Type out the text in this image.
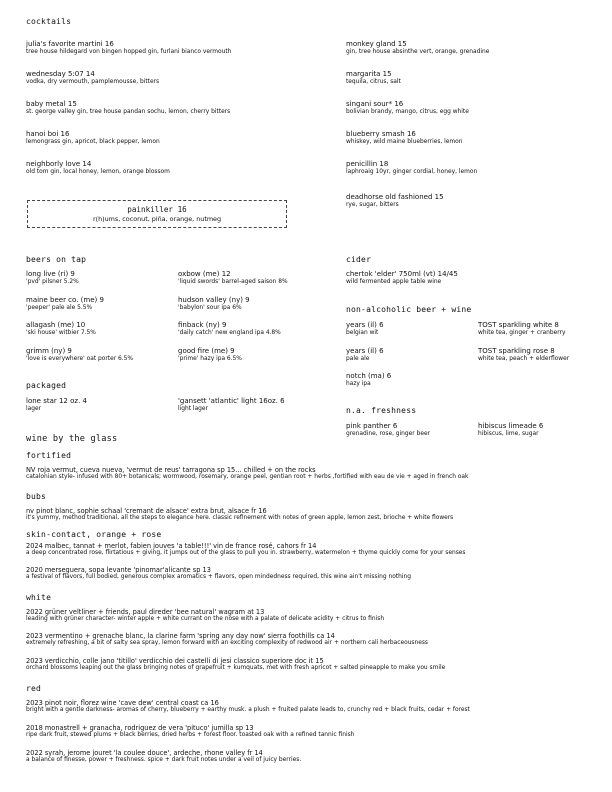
cocktails
julia's favorite martini 16
tree house hildegard von bingen hopped gin, furlani bianco vermouth
wednesday 5:07 14
vodka, dry vermouth, pamplemousse, bitters
baby metal 15
st. george valley gin, tree house pandan sochu, lemon, cherry bitters
hanoi boi 16
lemongrass gin, apricot, black pepper, lemon
neighborly love 14
old tom gin, local honey, lemon, orange blossom
monkey gland 15
gin, tree house absinthe vert, orange, grenadine
margarita 15
tequila, citrus, salt
singani sour* 16
bolivian brandy, mango, citrus, egg white
blueberry smash 16
whiskey, wild maine blueberries, lemon
penicillin 18
laphroaig 10yr, ginger cordial, honey, lemon
deadhorse old fashioned 15
rye, sugar, bitters
painkiller 16
r(h)ums, coconut, piña, orange, nutmeg
beers on tap
long live (ri) 9
'pvd' pilsner 5.2%
maine beer co. (me) 9
'peeper' pale ale 5.5%
allagash (me) 10
'ski house' witbier 7.5%
grimm (ny) 9
'love is everywhere' oat porter 6.5%
oxbow (me) 12
'liquid swords' barrel-aged saison 8%
hudson valley (ny) 9
'babylon' sour ipa 6%
finback (ny) 9
'daily catch' new england ipa 4.8%
good fire (me) 9
'prime' hazy ipa 6.5%
packaged
lone star 12 oz. 4
lager
'gansett 'atlantic' light 16oz. 6
light lager
cider
chertok 'elder' 750ml (vt) 14/45
wild fermented apple table wine
non-alcoholic beer + wine
years (il) 6
belgian wit
years (il) 6
pale ale
notch (ma) 6
hazy ipa
TOST sparkling white 8
white tea, ginger + cranberry
TOST sparkling rose 8
white tea, peach + elderflower
n.a. freshness
pink panther 6
grenadine, rose, ginger beer
hibiscus limeade 6
hibiscus, lime, sugar
wine by the glass
fortified
NV roja vermut, cueva nueva, 'vermut de reus' tarragona sp 15... chilled + on the rocks
catalonian style- infused with 80+ botanicals; wormwood, rosemary, orange peel, gentian root + herbs ,fortified with eau de vie + aged in french oak
bubs
nv pinot blanc, sophie schaal 'cremant de alsace' extra brut, alsace fr 16
it's yummy, method traditional, all the steps to elegance here. classic refinement with notes of green apple, lemon zest, brioche + white flowers
skin-contact, orange + rose
2024 malbec, tannat + merlot, fabien jouves 'a table!!!' vin de france rosé, cahors fr 14
a deep concentrated rose, flirtatious + giving, it jumps out of the glass to pull you in. strawberry, watermelon + thyme quickly come for your senses
2020 merseguera, sopa levante 'pinomar'alicante sp 13
a festival of flavors, full bodied, generous complex aromatics + flavors, open mindedness required, this wine ain't missing nothing
white
2022 grüner veltliner + friends, paul direder 'bee natural' wagram at 13
leading with grüner character- winter apple + white currant on the nose with a palate of delicate acidity + citrus to finish
2023 vermentino + grenache blanc, la clarine farm 'spring any day now' sierra foothills ca 14
extremely refreshing, a bit of salty sea spray, lemon forward with an exciting complexity of redwood air + northern cali herbaceousness
2023 verdicchio, colle jano 'titillo' verdicchio dei castelli di jesi classico superiore doc it 15
orchard blossoms leaping out the glass bringing notes of grapefruit + kumquats, met with fresh apricot + salted pineapple to make you smile
red
2023 pinot noir, florez wine 'cave dew' central coast ca 16
bright with a gentle darkness- aromas of cherry, blueberry + earthy musk. a plush + fruited palate leads to, crunchy red + black fruits, cedar + forest
2018 monastrell + granacha, rodriguez de vera 'pituco' jumilla sp 13
ripe dark fruit, stewed plums + black berries, dried herbs + forest floor. toasted oak with a refined tannic finish
2022 syrah, jerome jouret 'la coulee douce', ardeche, rhone valley fr 14
a balance of finesse, power + freshness. spice + dark fruit notes under a veil of juicy berries.
